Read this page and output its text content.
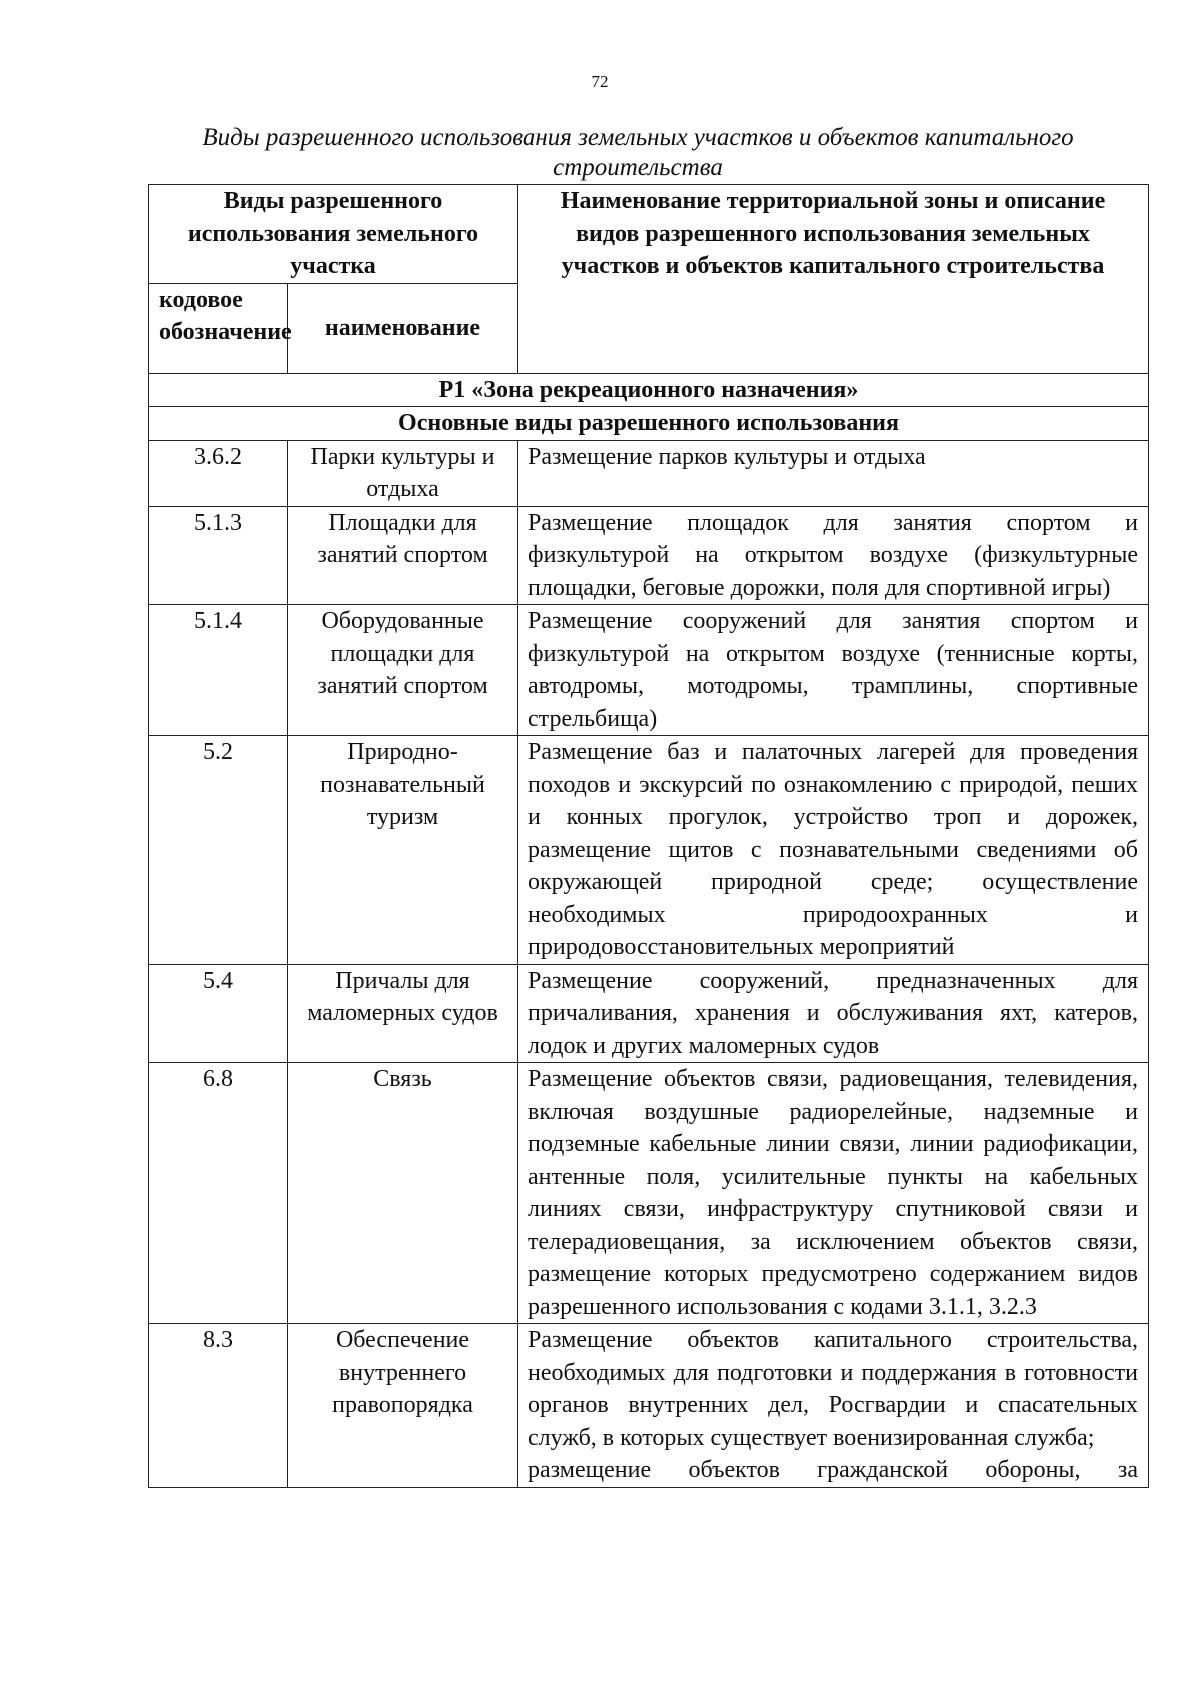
72
Виды разрешенного использования земельных участков и объектов капитального строительства
Виды разрешенного использования земельного участка		Наименование территориальной зоны и описание видов разрешенного использования земельных участков и объектов капитального строительства
кодовое обозначение	наименование	
Р1 «Зона рекреационного назначения»		
Основные виды разрешенного использования		
3.6.2	Парки культуры и отдыха	Размещение парков культуры и отдыха
5.1.3	Площадки для занятий спортом	Размещение площадок для занятия спортом и физкультурой на открытом воздухе (физкультурные площадки, беговые дорожки, поля для спортивной игры)
5.1.4	Оборудованные площадки для занятий спортом	Размещение сооружений для занятия спортом и физкультурой на открытом воздухе (теннисные корты, автодромы, мотодромы, трамплины, спортивные стрельбища)
5.2	Природно-познавательный туризм	Размещение баз и палаточных лагерей для проведения походов и экскурсий по ознакомлению с природой, пеших и конных прогулок, устройство троп и дорожек, размещение щитов с познавательными сведениями об окружающей природной среде; осуществление необходимых природоохранных и природовосстановительных мероприятий
5.4	Причалы для маломерных судов	Размещение сооружений, предназначенных для причаливания, хранения и обслуживания яхт, катеров, лодок и других маломерных судов
6.8	Связь	Размещение объектов связи, радиовещания, телевидения, включая воздушные радиорелейные, надземные и подземные кабельные линии связи, линии радиофикации, антенные поля, усилительные пункты на кабельных линиях связи, инфраструктуру спутниковой связи и телерадиовещания, за исключением объектов связи, размещение которых предусмотрено содержанием видов разрешенного использования с кодами 3.1.1, 3.2.3
8.3	Обеспечение внутреннего правопорядка	Размещение объектов капитального строительства, необходимых для подготовки и поддержания в готовности органов внутренних дел, Росгвардии и спасательных служб, в которых существует военизированная служба;
размещение объектов гражданской обороны, за
